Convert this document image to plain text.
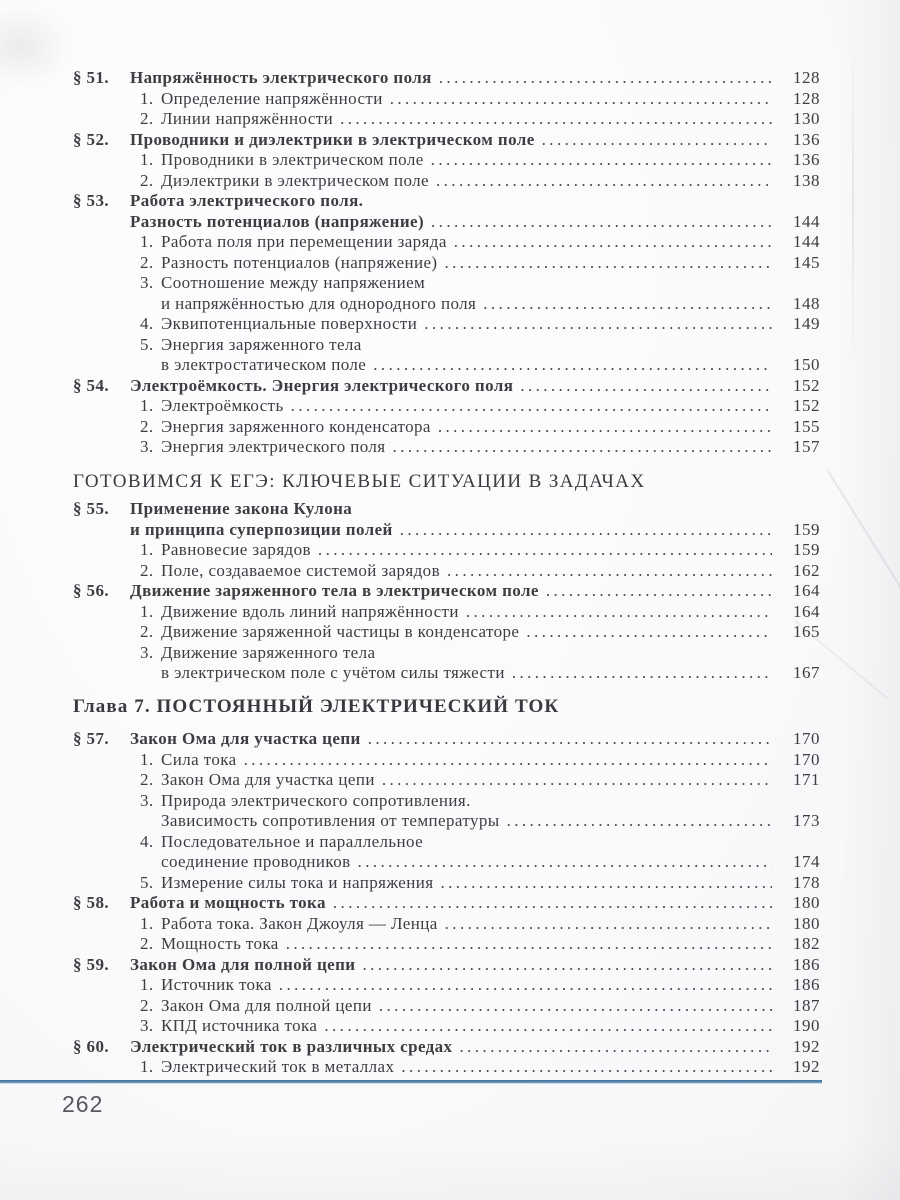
§ 51.	Напряжённость электрического поля .....	128
1. Определение напряжённости .....	128
2. Линии напряжённости .....	130
§ 52.	Проводники и диэлектрики в электрическом поле .....	136
1. Проводники в электрическом поле .....	136
2. Диэлектрики в электрическом поле .....	138
§ 53.	Работа электрического поля.
Разность потенциалов (напряжение) .....	144
1. Работа поля при перемещении заряда .....	144
2. Разность потенциалов (напряжение) .....	145
3. Соотношение между напряжением
и напряжённостью для однородного поля .....	148
4. Эквипотенциальные поверхности .....	149
5. Энергия заряженного тела
в электростатическом поле .....	150
§ 54.	Электроёмкость. Энергия электрического поля .....	152
1. Электроёмкость .....	152
2. Энергия заряженного конденсатора .....	155
3. Энергия электрического поля .....	157
ГОТОВИМСЯ К ЕГЭ: КЛЮЧЕВЫЕ СИТУАЦИИ В ЗАДАЧАХ
§ 55.	Применение закона Кулона
и принципа суперпозиции полей .....	159
1. Равновесие зарядов .....	159
2. Поле, создаваемое системой зарядов .....	162
§ 56.	Движение заряженного тела в электрическом поле .....	164
1. Движение вдоль линий напряжённости .....	164
2. Движение заряженной частицы в конденсаторе .....	165
3. Движение заряженного тела
в электрическом поле с учётом силы тяжести .....	167
Глава 7. ПОСТОЯННЫЙ ЭЛЕКТРИЧЕСКИЙ ТОК
§ 57.	Закон Ома для участка цепи .....	170
1. Сила тока .....	170
2. Закон Ома для участка цепи .....	171
3. Природа электрического сопротивления.
Зависимость сопротивления от температуры .....	173
4. Последовательное и параллельное
соединение проводников .....	174
5. Измерение силы тока и напряжения .....	178
§ 58.	Работа и мощность тока .....	180
1. Работа тока. Закон Джоуля — Ленца .....	180
2. Мощность тока .....	182
§ 59.	Закон Ома для полной цепи .....	186
1. Источник тока .....	186
2. Закон Ома для полной цепи .....	187
3. КПД источника тока .....	190
§ 60.	Электрический ток в различных средах .....	192
1. Электрический ток в металлах .....	192
262
